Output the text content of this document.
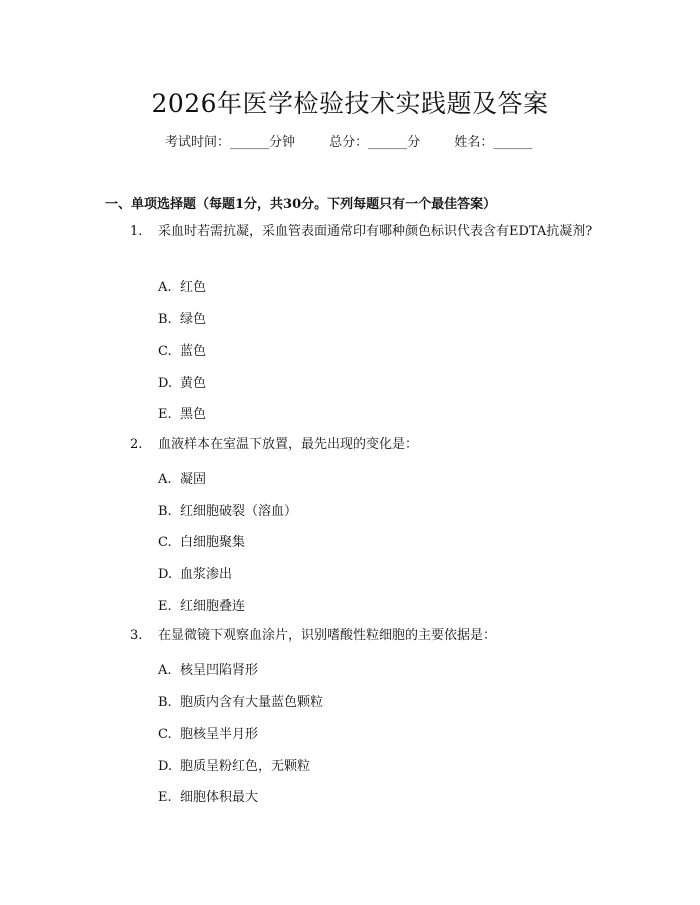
2026年医学检验技术实践题及答案
考试时间：______分钟	总分：______分	姓名：______
一、单项选择题（每题1分，共30分。下列每题只有一个最佳答案）
1. 采血时若需抗凝，采血管表面通常印有哪种颜色标识代表含有EDTA抗凝剂?
A. 红色
B. 绿色
C. 蓝色
D. 黄色
E. 黑色
2. 血液样本在室温下放置，最先出现的变化是：
A. 凝固
B. 红细胞破裂（溶血）
C. 白细胞聚集
D. 血浆渗出
E. 红细胞叠连
3. 在显微镜下观察血涂片，识别嗜酸性粒细胞的主要依据是：
A. 核呈凹陷肾形
B. 胞质内含有大量蓝色颗粒
C. 胞核呈半月形
D. 胞质呈粉红色，无颗粒
E. 细胞体积最大
